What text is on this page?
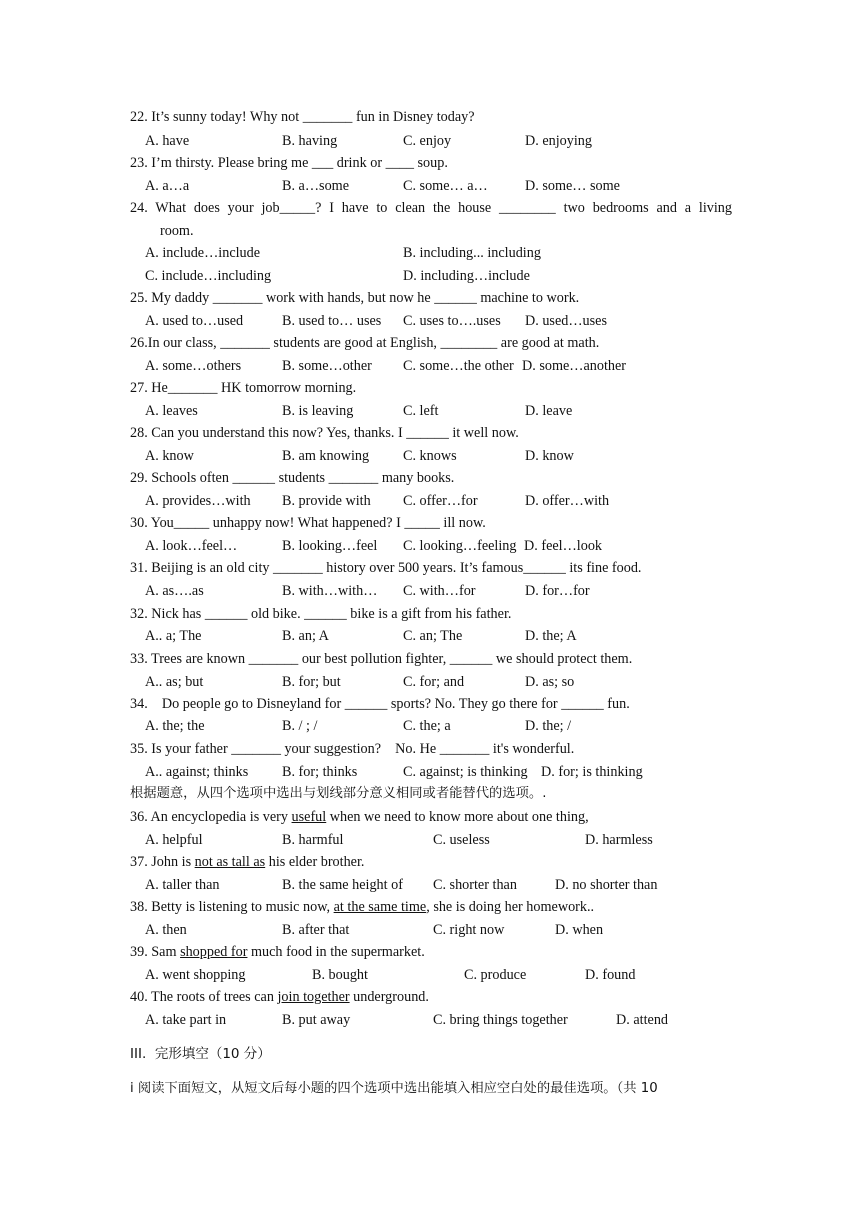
22. It’s sunny today! Why not _______ fun in Disney today?
A. have	B. having	C. enjoy	D. enjoying
23. I’m thirsty. Please bring me ___ drink or ____ soup.
A. a…a	B. a…some	C. some… a…	D. some… some
24. What does your job_____? I have to clean the house ________ two bedrooms and a living
room.
A. include…include	B. including... including
C. include…including	D. including…include
25. My daddy _______ work with hands, but now he ______ machine to work.
A. used to…used	B. used to… uses C. uses to….uses D. used…uses
26.In our class, _______ students are good at English, ________ are good at math.
A. some…others	B. some…other C. some…the other D. some…another
27. He_______ HK tomorrow morning.
A. leaves	B. is leaving	C. left	D. leave
28. Can you understand this now? Yes, thanks. I ______ it well now.
A. know	B. am knowing C. knows	D. know
29. Schools often ______ students _______ many books.
A. provides…with B. provide with C. offer…for	D. offer…with
30. You_____ unhappy now! What happened? I _____ ill now.
A. look…feel…	B. looking…feel C. looking…feeling D. feel…look
31. Beijing is an old city _______ history over 500 years. It’s famous______ its fine food.
A. as….as	B. with…with… C. with…for	D. for…for
32. Nick has ______ old bike. ______ bike is a gift from his father.
A.. a; The	B. an; A	C. an; The	D. the; A
33. Trees are known _______ our best pollution fighter, ______ we should protect them.
A.. as; but	B. for; but	C. for; and	D. as; so
34.    Do people go to Disneyland for ______ sports? No. They go there for ______ fun.
A. the; the	B. / ; /	C. the; a	D. the; /
35. Is your father _______ your suggestion?    No. He _______ it's wonderful.
A.. against; thinks B. for; thinks	C. against; is thinking D. for; is thinking
根据题意，从四个选项中选出与划线部分意义相同或者能替代的选项。.
36. An encyclopedia is very useful when we need to know more about one thing,
A. helpful	B. harmful	C. useless	D. harmless
37. John is not as tall as his elder brother.
A. taller than	B. the same height of C. shorter than	D. no shorter than
38. Betty is listening to music now, at the same time, she is doing her homework..
A. then	B. after that	C. right now	D. when
39. Sam shopped for much food in the supermarket.
A. went shopping	B. bought	C. produce	D. found
40. The roots of trees can join together underground.
A. take part in	B. put away	C. bring things together	D. attend
III.  完形填空（10 分）
i 阅读下面短文，从短文后每小题的四个选项中选出能填入相应空白处的最佳选项。（共 10
